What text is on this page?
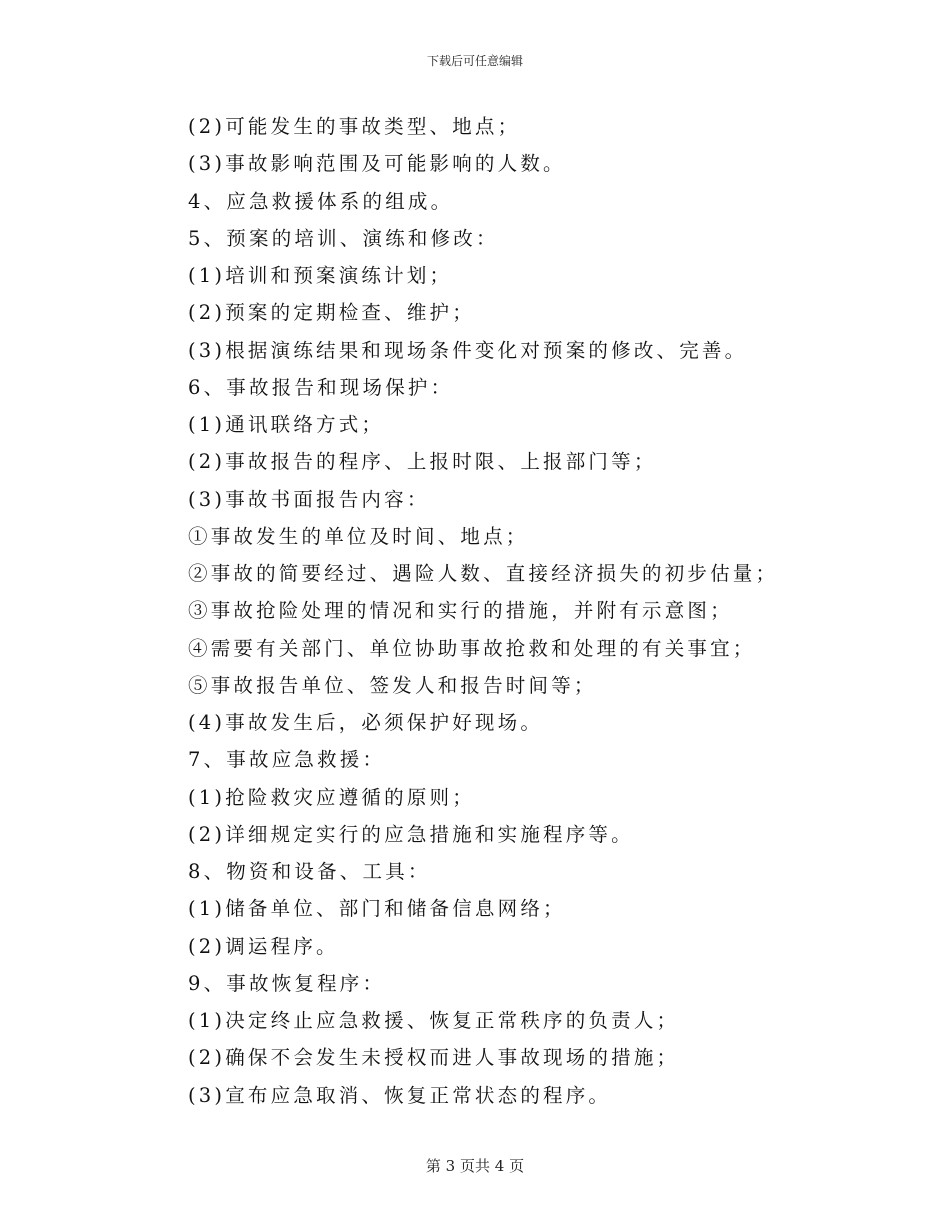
下载后可任意编辑
(2)可能发生的事故类型、地点；
(3)事故影响范围及可能影响的人数。
4、应急救援体系的组成。
5、预案的培训、演练和修改：
(1)培训和预案演练计划；
(2)预案的定期检查、维护；
(3)根据演练结果和现场条件变化对预案的修改、完善。
6、事故报告和现场保护：
(1)通讯联络方式；
(2)事故报告的程序、上报时限、上报部门等；
(3)事故书面报告内容：
①事故发生的单位及时间、地点；
②事故的简要经过、遇险人数、直接经济损失的初步估量；
③事故抢险处理的情况和实行的措施，并附有示意图；
④需要有关部门、单位协助事故抢救和处理的有关事宜；
⑤事故报告单位、签发人和报告时间等；
(4)事故发生后，必须保护好现场。
7、事故应急救援：
(1)抢险救灾应遵循的原则；
(2)详细规定实行的应急措施和实施程序等。
8、物资和设备、工具：
(1)储备单位、部门和储备信息网络；
(2)调运程序。
9、事故恢复程序：
(1)决定终止应急救援、恢复正常秩序的负责人；
(2)确保不会发生未授权而进人事故现场的措施；
(3)宣布应急取消、恢复正常状态的程序。
第 3 页共 4 页
